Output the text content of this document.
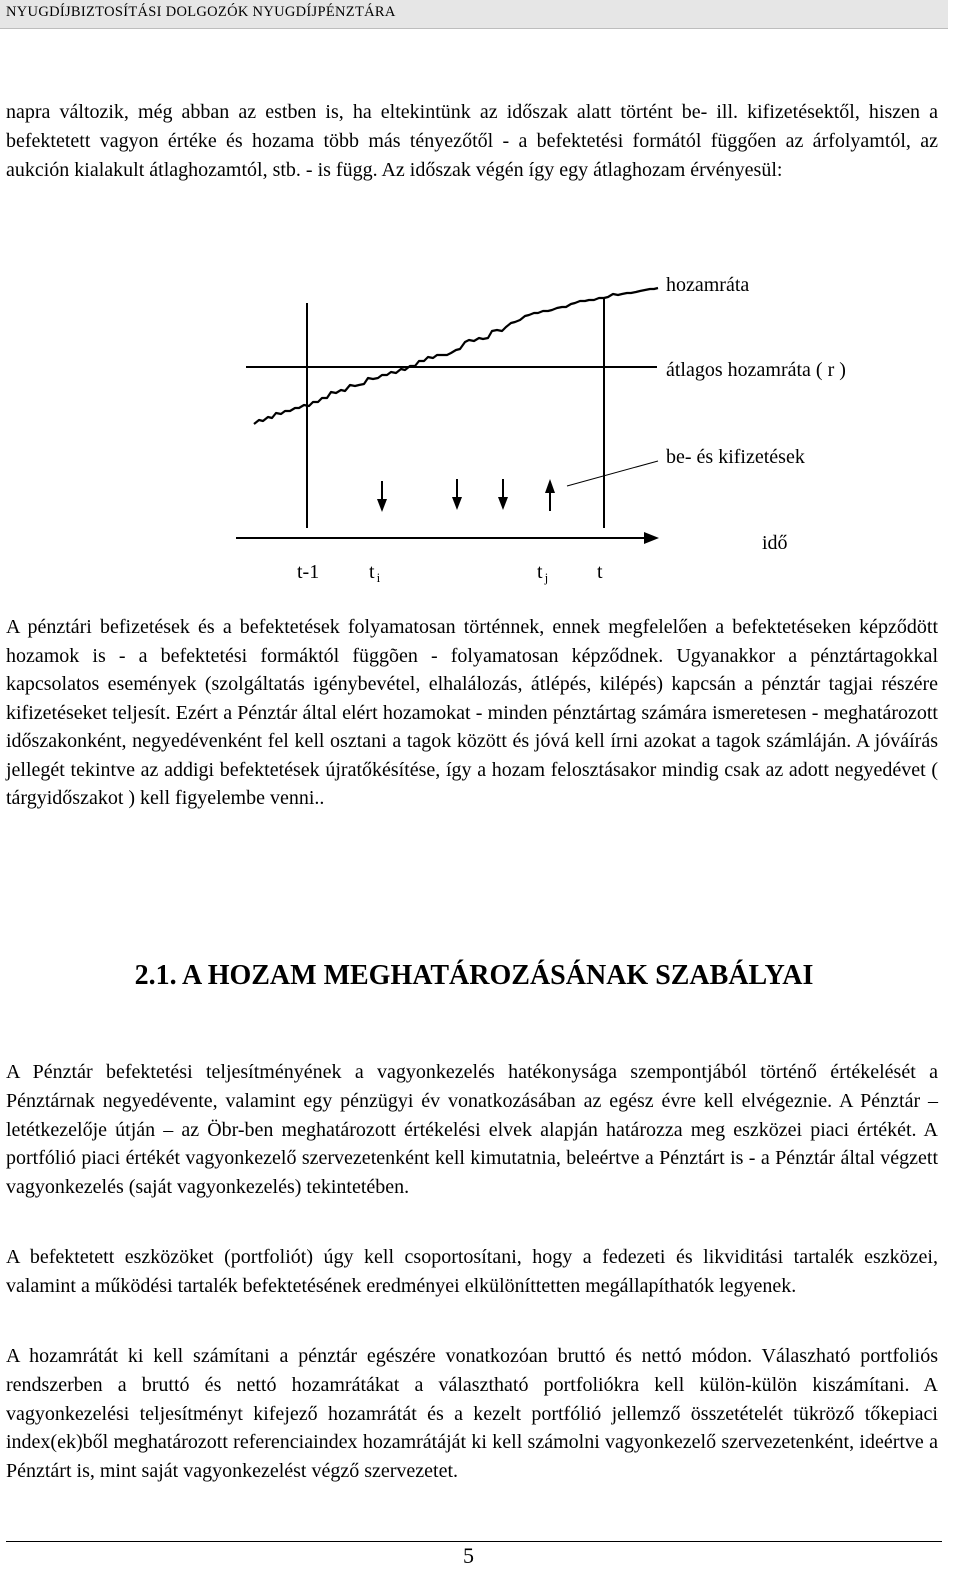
NYUGDÍJBIZTOSÍTÁSI DOLGOZÓK NYUGDÍJPÉNZTÁRA

napra változik, még abban az estben is, ha eltekintünk az időszak alatt történt be- ill. kifizetésektől, hiszen a befektetett vagyon értéke és hozama több más tényezőtől - a befektetési formától függően az árfolyamtól, az aukción kialakult átlaghozamtól, stb. - is függ. Az időszak végén így egy átlaghozam érvényesül:

hozamráta
átlagos hozamráta ( r )
be- és kifizetések
idő
t-1 t $_i$	t $_j$ t

A pénztári befizetések és a befektetések folyamatosan történnek, ennek megfelelően a befektetéseken képződött hozamok is - a befektetési formáktól függõen - folyamatosan képződnek. Ugyanakkor a pénztártagokkal kapcsolatos események (szolgáltatás igénybevétel, elhalálozás, átlépés, kilépés) kapcsán a pénztár tagjai részére kifizetéseket teljesít. Ezért a Pénztár által elért hozamokat - minden pénztártag számára ismeretesen - meghatározott időszakonként, negyedévenként fel kell osztani a tagok között és jóvá kell írni azokat a tagok számláján. A jóváírás jellegét tekintve az addigi befektetések újratőkésítése, így a hozam felosztásakor mindig csak az adott negyedévet ( tárgyidőszakot ) kell figyelembe venni..

2.1. A HOZAM MEGHATÁROZÁSÁNAK SZABÁLYAI

A Pénztár befektetési teljesítményének a vagyonkezelés hatékonysága szempontjából történő értékelését a Pénztárnak negyedévente, valamint egy pénzügyi év vonatkozásában az egész évre kell elvégeznie. A Pénztár – letétkezelője útján – az Öbr-ben meghatározott értékelési elvek alapján határozza meg eszközei piaci értékét. A portfólió piaci értékét vagyonkezelő szervezetenként kell kimutatnia, beleértve a Pénztárt is - a Pénztár által végzett vagyonkezelés (saját vagyonkezelés) tekintetében.

A befektetett eszközöket (portfoliót) úgy kell csoportosítani, hogy a fedezeti és likviditási tartalék eszközei, valamint a működési tartalék befektetésének eredményei elkülöníttetten megállapíthatók legyenek.

A hozamrátát ki kell számítani a pénztár egészére vonatkozóan bruttó és nettó módon. Válaszható portfoliós rendszerben a bruttó és nettó hozamrátákat a választható portfoliókra kell külön-külön kiszámítani. A vagyonkezelési teljesítményt kifejező hozamrátát és a kezelt portfólió jellemző összetételét tükröző tőkepiaci index(ek)ből meghatározott referenciaindex hozamrátáját ki kell számolni vagyonkezelő szervezetenként, ideértve a Pénztárt is, mint saját vagyonkezelést végző szervezetet.

5
